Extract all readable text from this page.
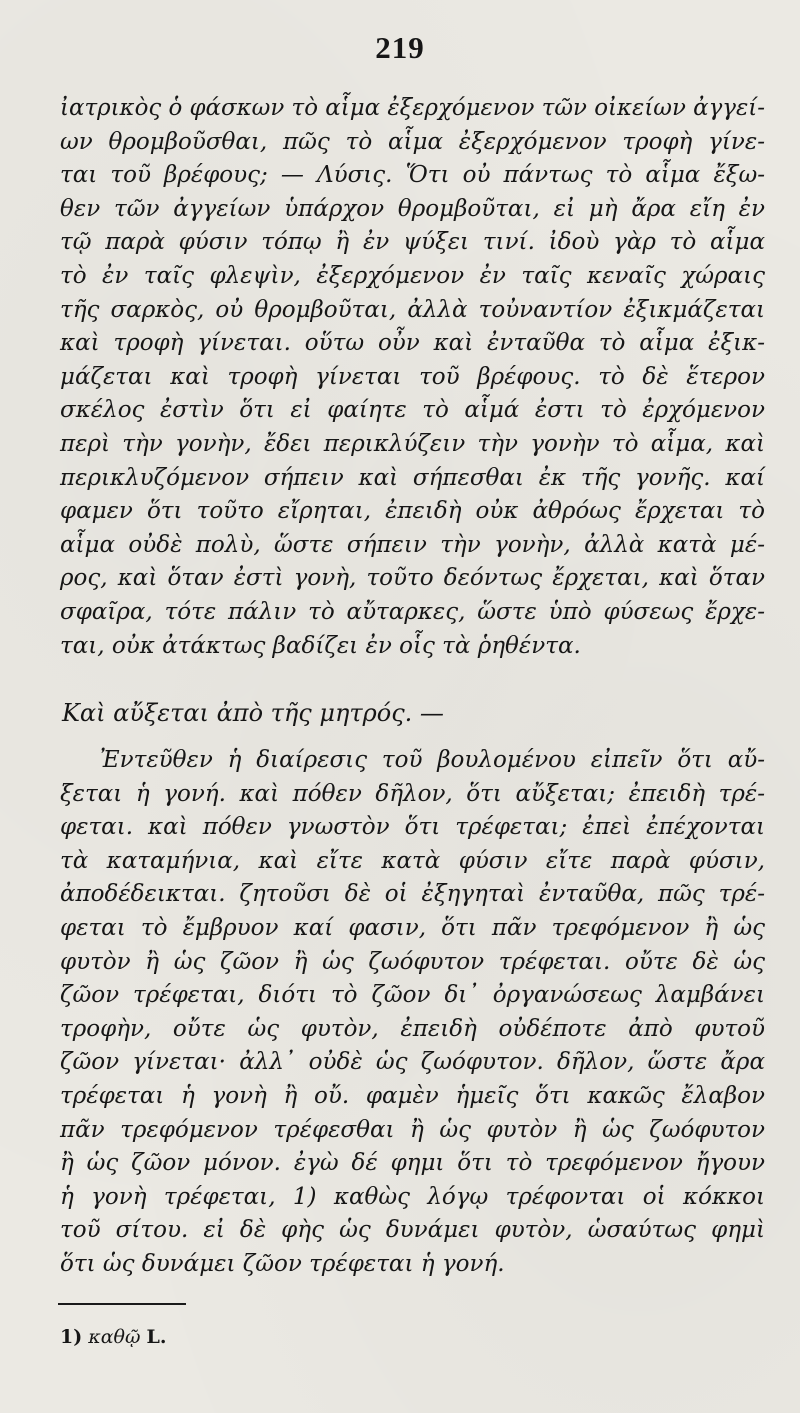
219
ἰατρικὸς ὁ φάσκων τὸ αἷμα ἐξερχόμενον τῶν οἰκείων ἀγγεί-
ων θρομβοῦσθαι, πῶς τὸ αἷμα ἐξερχόμενον τροφὴ γίνε-
ται τοῦ βρέφους; — Λύσις. Ὅτι οὐ πάντως τὸ αἷμα ἔξω-
θεν τῶν ἀγγείων ὑπάρχον θρομβοῦται, εἰ μὴ ἄρα εἴη ἐν
τῷ παρὰ φύσιν τόπῳ ἢ ἐν ψύξει τινί. ἰδοὺ γὰρ τὸ αἷμα
τὸ ἐν ταῖς φλεψὶν, ἐξερχόμενον ἐν ταῖς κεναῖς χώραις
τῆς σαρκὸς, οὐ θρομβοῦται, ἀλλὰ τοὐναντίον ἐξικμάζεται
καὶ τροφὴ γίνεται. οὕτω οὖν καὶ ἐνταῦθα τὸ αἷμα ἐξικ-
μάζεται καὶ τροφὴ γίνεται τοῦ βρέφους. τὸ δὲ ἕτερον
σκέλος ἐστὶν ὅτι εἰ φαίητε τὸ αἷμά ἐστι τὸ ἐρχόμενον
περὶ τὴν γονὴν, ἔδει περικλύζειν τὴν γονὴν τὸ αἷμα, καὶ
περικλυζόμενον σήπειν καὶ σήπεσθαι ἐκ τῆς γονῆς. καί
φαμεν ὅτι τοῦτο εἴρηται, ἐπειδὴ οὐκ ἀθρόως ἔρχεται τὸ
αἷμα οὐδὲ πολὺ, ὥστε σήπειν τὴν γονὴν, ἀλλὰ κατὰ μέ-
ρος, καὶ ὅταν ἐστὶ γονὴ, τοῦτο δεόντως ἔρχεται, καὶ ὅταν
σφαῖρα, τότε πάλιν τὸ αὔταρκες, ὥστε ὑπὸ φύσεως ἔρχε-
ται, οὐκ ἀτάκτως βαδίζει ἐν οἷς τὰ ῥηθέντα.
Καὶ αὔξεται ἀπὸ τῆς μητρός. —
Ἐντεῦθεν ἡ διαίρεσις τοῦ βουλομένου εἰπεῖν ὅτι αὔ-
ξεται ἡ γονή. καὶ πόθεν δῆλον, ὅτι αὔξεται; ἐπειδὴ τρέ-
φεται. καὶ πόθεν γνωστὸν ὅτι τρέφεται; ἐπεὶ ἐπέχονται
τὰ καταμήνια, καὶ εἴτε κατὰ φύσιν εἴτε παρὰ φύσιν,
ἀποδέδεικται. ζητοῦσι δὲ οἱ ἐξηγηταὶ ἐνταῦθα, πῶς τρέ-
φεται τὸ ἔμβρυον καί φασιν, ὅτι πᾶν τρεφόμενον ἢ ὡς
φυτὸν ἢ ὡς ζῶον ἢ ὡς ζωόφυτον τρέφεται. οὔτε δὲ ὡς
ζῶον τρέφεται, διότι τὸ ζῶον δι᾿ ὀργανώσεως λαμβάνει
τροφὴν, οὔτε ὡς φυτὸν, ἐπειδὴ οὐδέποτε ἀπὸ φυτοῦ
ζῶον γίνεται· ἀλλ᾿ οὐδὲ ὡς ζωόφυτον. δῆλον, ὥστε ἄρα
τρέφεται ἡ γονὴ ἢ οὔ. φαμὲν ἡμεῖς ὅτι κακῶς ἔλαβον
πᾶν τρεφόμενον τρέφεσθαι ἢ ὡς φυτὸν ἢ ὡς ζωόφυτον
ἢ ὡς ζῶον μόνον. ἐγὼ δέ φημι ὅτι τὸ τρεφόμενον ἤγουν
ἡ γονὴ τρέφεται, 1) καθὼς λόγῳ τρέφονται οἱ κόκκοι
τοῦ σίτου. εἰ δὲ φὴς ὡς δυνάμει φυτὸν, ὡσαύτως φημὶ
ὅτι ὡς δυνάμει ζῶον τρέφεται ἡ γονή.
1) καθῷ L.
